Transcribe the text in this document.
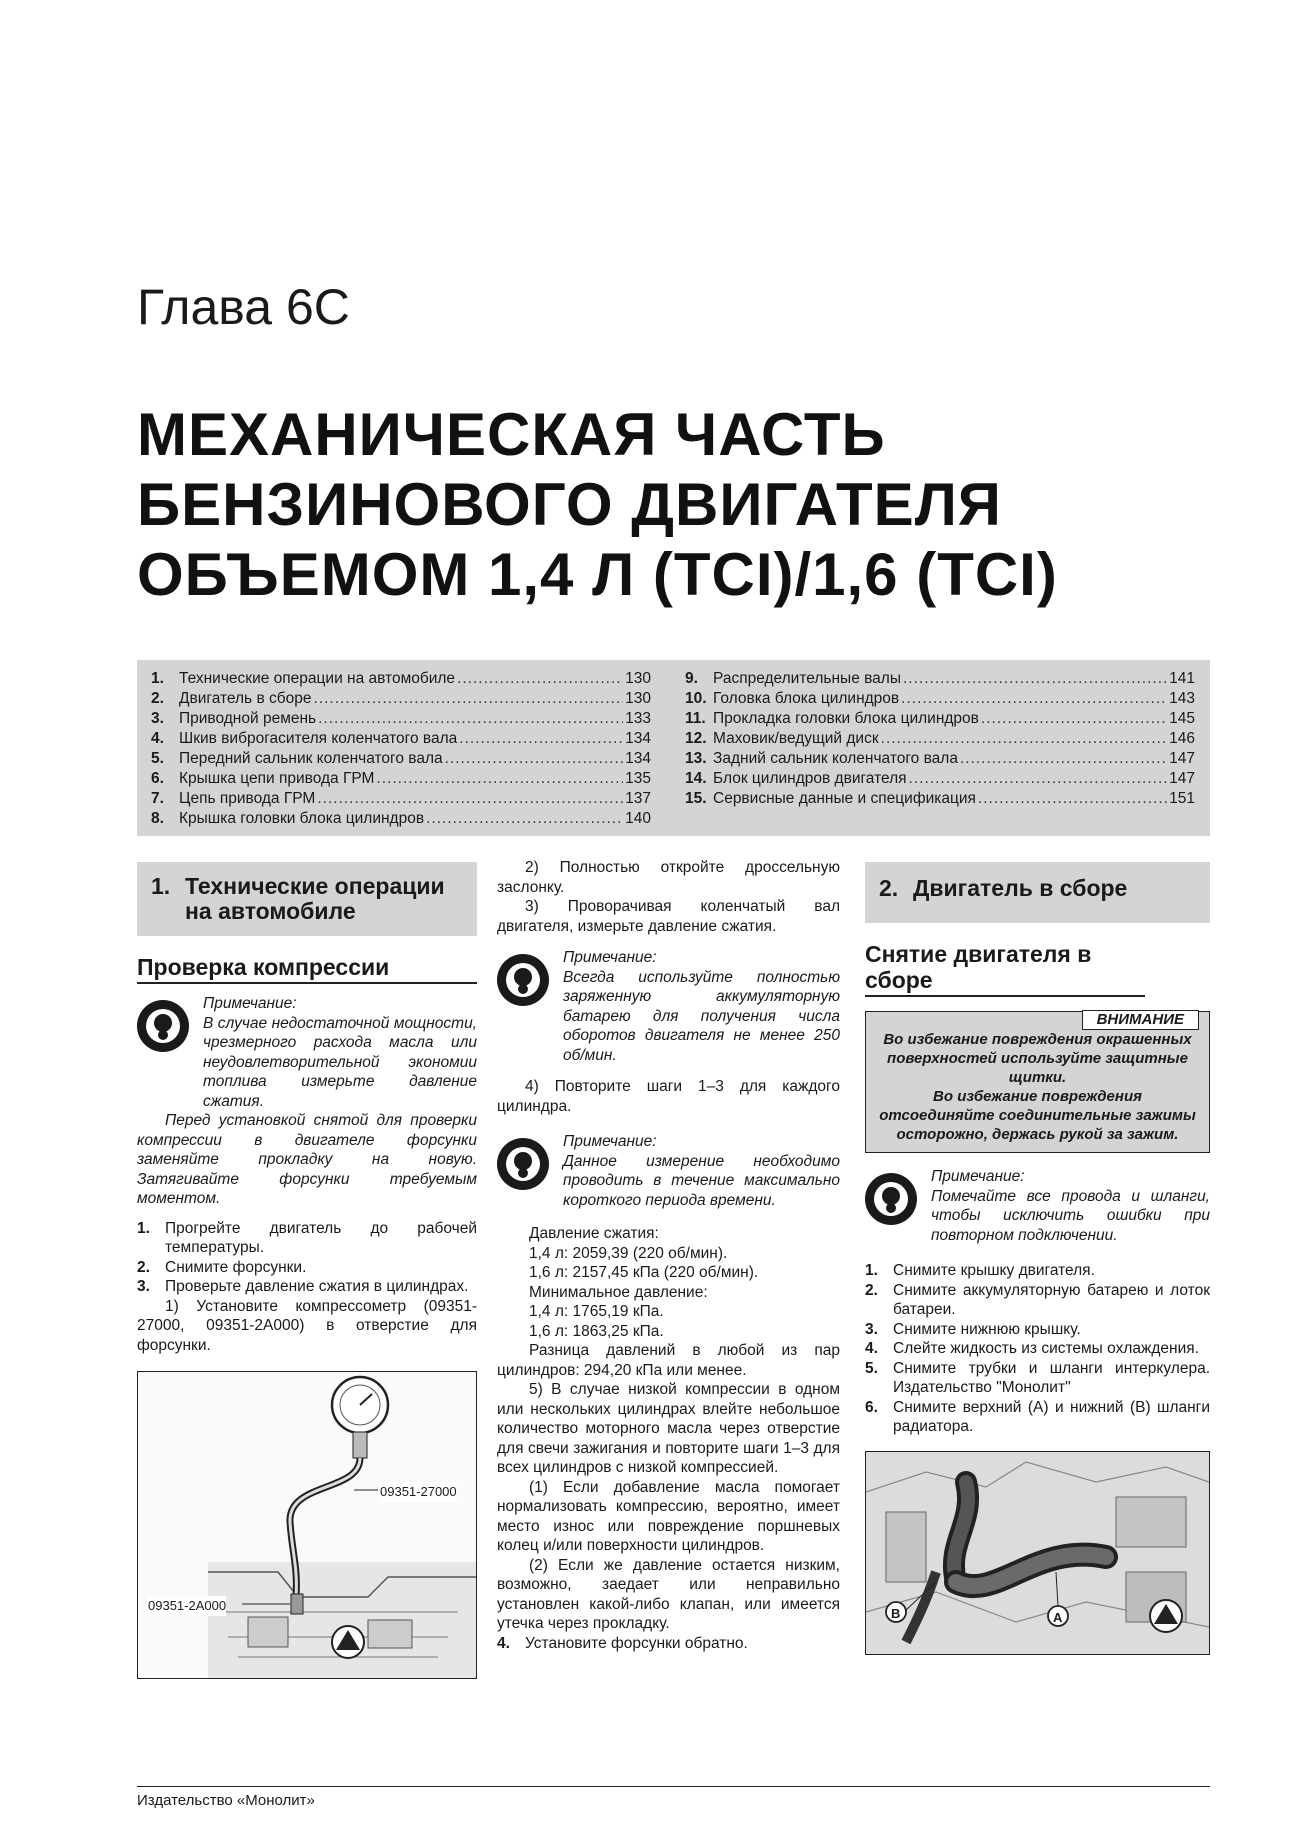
Глава 6С
МЕХАНИЧЕСКАЯ ЧАСТЬ
БЕНЗИНОВОГО ДВИГАТЕЛЯ
ОБЪЕМОМ 1,4 Л (TCI)/1,6 (TCI)
1. Технические операции на автомобиле .....	130
2. Двигатель в сборе .....	130
3. Приводной ремень .....	133
4. Шкив виброгасителя коленчатого вала .....	134
5. Передний сальник коленчатого вала .....	134
6. Крышка цепи привода ГРМ .....	135
7. Цепь привода ГРМ .....	137
8. Крышка головки блока цилиндров .....	140
9. Распределительные валы .....	141
10. Головка блока цилиндров .....	143
11. Прокладка головки блока цилиндров .....	145
12. Маховик/ведущий диск .....	146
13. Задний сальник коленчатого вала .....	147
14. Блок цилиндров двигателя .....	147
15. Сервисные данные и спецификация .....	151
1. Технические операции на автомобиле
Проверка компрессии
Примечание:
В случае недостаточной мощности, чрезмерного расхода масла или неудовлетворительной экономии топлива измерьте давление сжатия.

Перед установкой снятой для проверки компрессии в двигателе форсунки заменяйте прокладку на новую. Затягивайте форсунки требуемым моментом.

1. Прогрейте двигатель до рабочей температуры.
2. Снимите форсунки.
3. Проверьте давление сжатия в цилиндрах.

1) Установите компрессометр (09351-27000, 09351-2A000) в отверстие для форсунки.

09351-27000
09351-2A000

2) Полностью откройте дроссельную заслонку.

3) Проворачивая коленчатый вал двигателя, измерьте давление сжатия.

Примечание:
Всегда используйте полностью заряженную аккумуляторную батарею для получения числа оборотов двигателя не менее 250 об/мин.

4) Повторите шаги 1–3 для каждого цилиндра.

Примечание:
Данное измерение необходимо проводить в течение максимально короткого периода времени.
Давление сжатия:
1,4 л: 2059,39 (220 об/мин).
1,6 л: 2157,45 кПа (220 об/мин).
Минимальное давление:
1,4 л: 1765,19 кПа.
1,6 л: 1863,25 кПа.

Разница давлений в любой из пар цилиндров: 294,20 кПа или менее.

5) В случае низкой компрессии в одном или нескольких цилиндрах влейте небольшое количество моторного масла через отверстие для свечи зажигания и повторите шаги 1–3 для всех цилиндров с низкой компрессией.

(1) Если добавление масла помогает нормализовать компрессию, вероятно, имеет место износ или повреждение поршневых колец и/или поверхности цилиндров.

(2) Если же давление остается низким, возможно, заедает или неправильно установлен какой-либо клапан, или имеется утечка через прокладку.

4. Установите форсунки обратно.
2. Двигатель в сборе
Снятие двигателя в сборе
ВНИМАНИЕ
Во избежание повреждения окрашенных поверхностей используйте защитные щитки.
Во избежание повреждения отсоединяйте соединительные зажимы осторожно, держась рукой за зажим.
Примечание:
Помечайте все провода и шланги, чтобы исключить ошибки при повторном подключении.
1. Снимите крышку двигателя.
2. Снимите аккумуляторную батарею и лоток батареи.
3. Снимите нижнюю крышку.
4. Слейте жидкость из системы охлаждения.
5. Снимите трубки и шланги интеркулера. Издательство "Монолит"
6. Снимите верхний (A) и нижний (B) шланги радиатора.
B	A
Издательство «Монолит»
